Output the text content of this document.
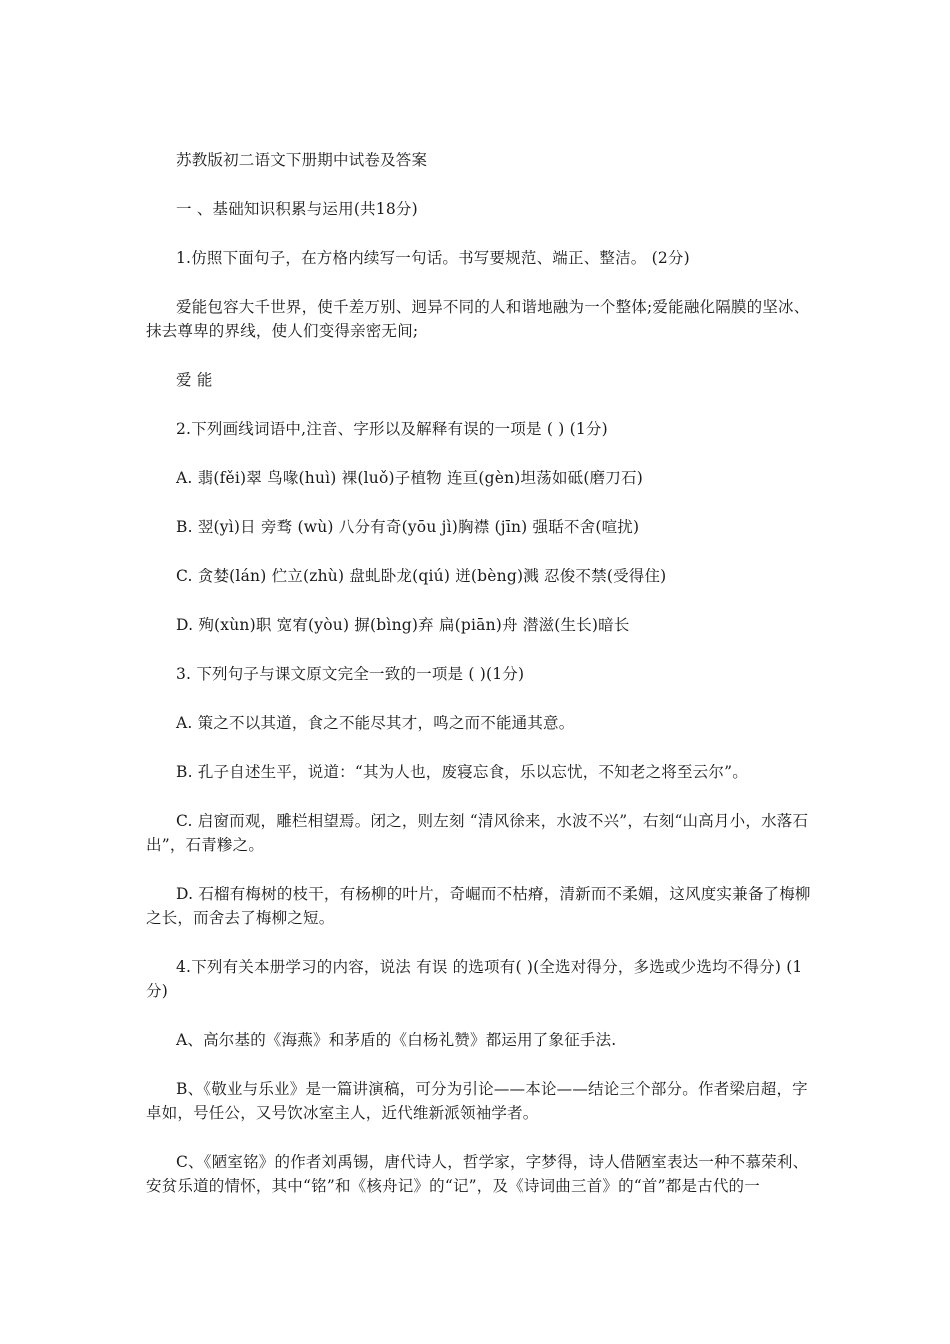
苏教版初二语文下册期中试卷及答案

一 、基础知识积累与运用(共18分)

1.仿照下面句子，在方格内续写一句话。书写要规范、端正、整洁。 (2分)

爱能包容大千世界，使千差万别、迥异不同的人和谐地融为一个整体;爱能融化隔膜的坚冰、抹去尊卑的界线，使人们变得亲密无间;

爱 能

2.下列画线词语中,注音、字形以及解释有误的一项是 ( ) (1分)

A. 翡(fěi)翠 鸟喙(huì) 裸(luǒ)子植物 连亘(gèn)坦荡如砥(磨刀石)

B. 翌(yì)日 旁骛 (wù) 八分有奇(yōu jì)胸襟 (jīn) 强聒不舍(喧扰)

C. 贪婪(lán) 伫立(zhù) 盘虬卧龙(qiú) 迸(bèng)溅 忍俊不禁(受得住)

D. 殉(xùn)职 宽宥(yòu) 摒(bìng)弃 扁(piān)舟 潜滋(生长)暗长

3. 下列句子与课文原文完全一致的一项是 ( )(1分)

A. 策之不以其道，食之不能尽其才，鸣之而不能通其意。

B. 孔子自述生平，说道：“其为人也，废寝忘食，乐以忘忧，不知老之将至云尔”。

C. 启窗而观，雕栏相望焉。闭之，则左刻 “清风徐来，水波不兴”，右刻“山高月小，水落石出”，石青糁之。

D. 石榴有梅树的枝干，有杨柳的叶片，奇崛而不枯瘠，清新而不柔媚，这风度实兼备了梅柳之长，而舍去了梅柳之短。

4.下列有关本册学习的内容，说法 有误 的选项有( )(全选对得分，多选或少选均不得分) (1分)

A、高尔基的《海燕》和茅盾的《白杨礼赞》都运用了象征手法.

B、《敬业与乐业》是一篇讲演稿，可分为引论——本论——结论三个部分。作者梁启超，字卓如，号任公，又号饮冰室主人，近代维新派领袖学者。

C、《陋室铭》的作者刘禹锡，唐代诗人，哲学家，字梦得，诗人借陋室表达一种不慕荣利、安贫乐道的情怀，其中“铭”和《核舟记》的“记”，及《诗词曲三首》的“首”都是古代的一
